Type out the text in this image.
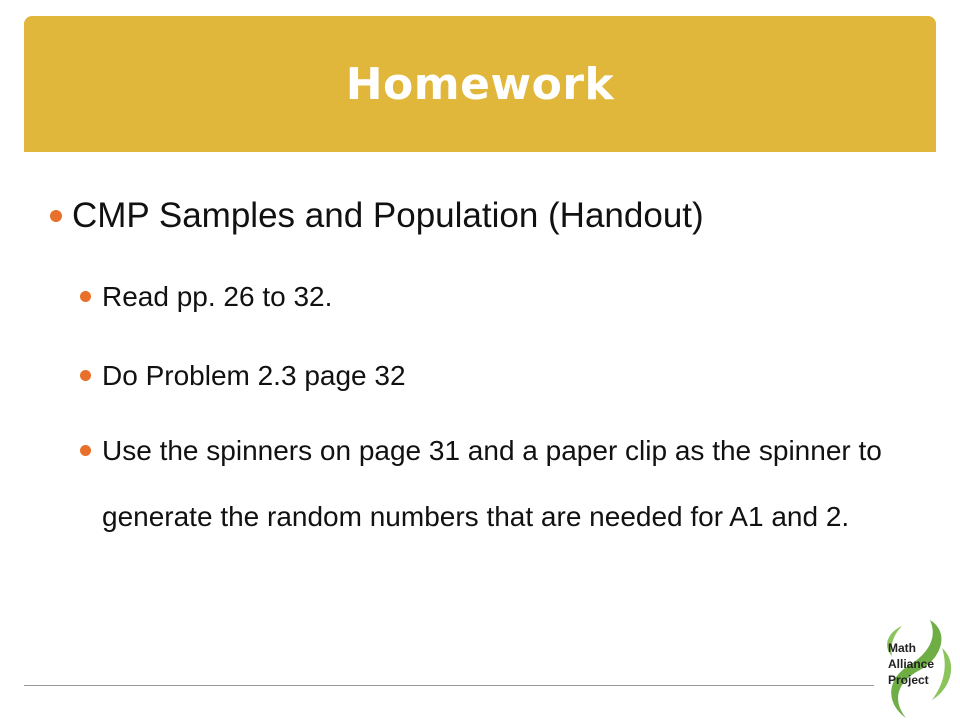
Homework
CMP Samples and Population (Handout)
Read pp. 26 to 32.
Do Problem 2.3 page 32
Use the spinners on page 31 and a paper clip as the spinner to generate the random numbers that are needed for A1 and 2.
Math
Alliance
Project
